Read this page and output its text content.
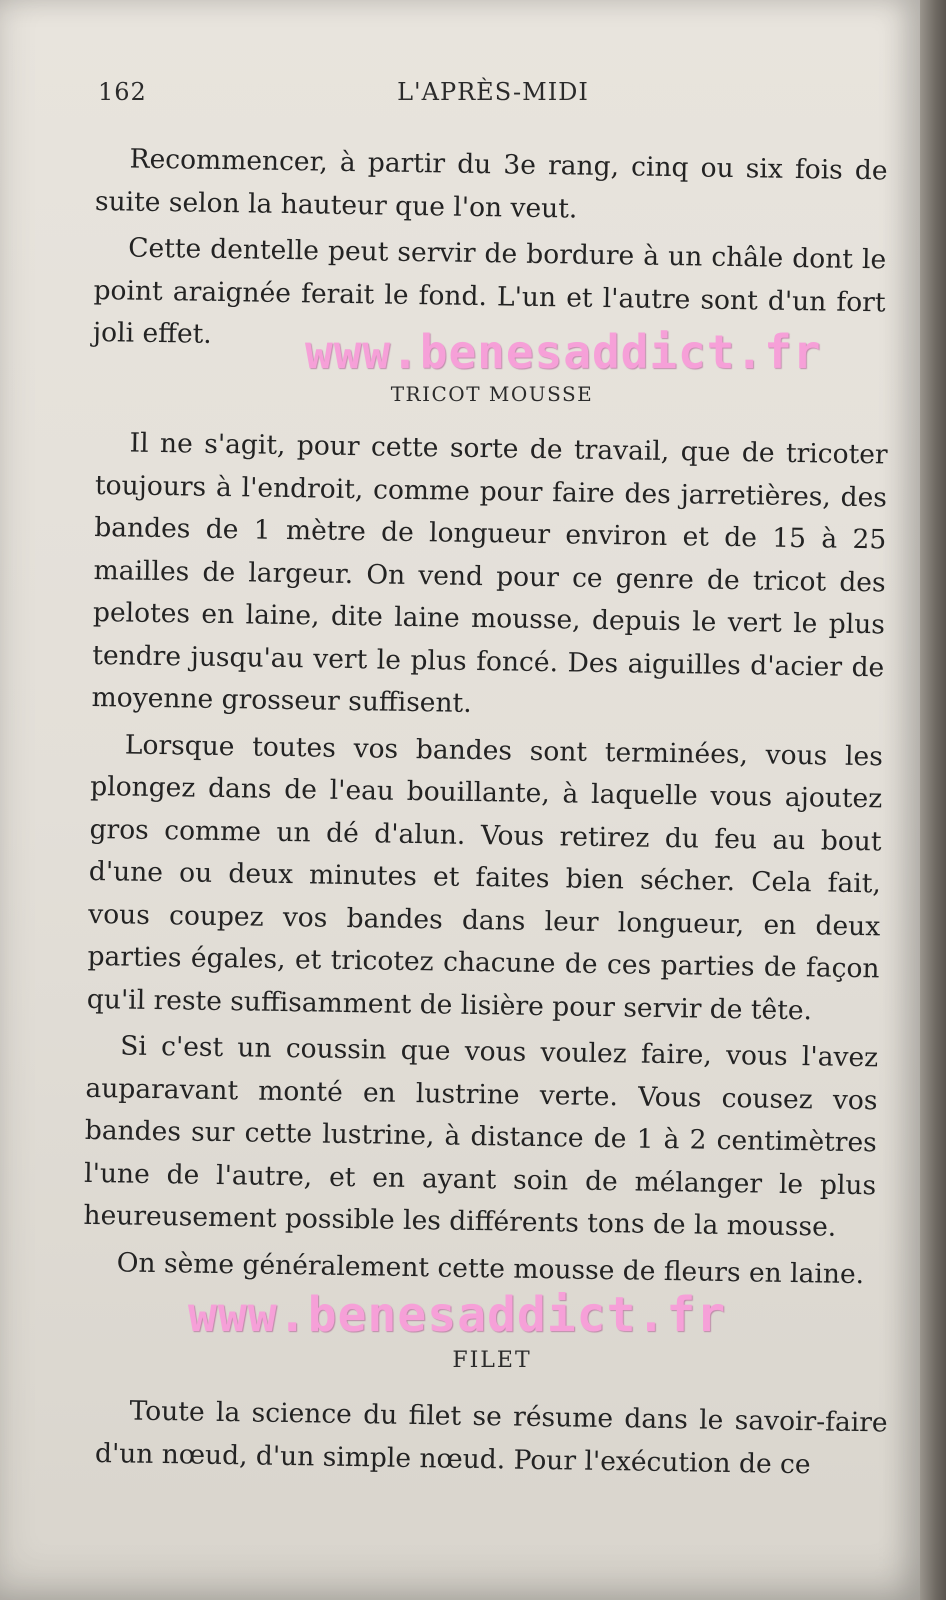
162	L'APRÈS-MIDI

Recommencer, à partir du 3e rang, cinq ou six fois de suite selon la hauteur que l'on veut.

Cette dentelle peut servir de bordure à un châle dont le point araignée ferait le fond. L'un et l'autre sont d'un fort joli effet.

TRICOT MOUSSE

Il ne s'agit, pour cette sorte de travail, que de tricoter toujours à l'endroit, comme pour faire des jarretières, des bandes de 1 mètre de longueur environ et de 15 à 25 mailles de largeur. On vend pour ce genre de tricot des pelotes en laine, dite laine mousse, depuis le vert le plus tendre jusqu'au vert le plus foncé. Des aiguilles d'acier de moyenne grosseur suffisent.

Lorsque toutes vos bandes sont terminées, vous les plongez dans de l'eau bouillante, à laquelle vous ajoutez gros comme un dé d'alun. Vous retirez du feu au bout d'une ou deux minutes et faites bien sécher. Cela fait, vous coupez vos bandes dans leur longueur, en deux parties égales, et tricotez chacune de ces parties de façon qu'il reste suffisamment de lisière pour servir de tête.

Si c'est un coussin que vous voulez faire, vous l'avez auparavant monté en lustrine verte. Vous cousez vos bandes sur cette lustrine, à distance de 1 à 2 centimètres l'une de l'autre, et en ayant soin de mélanger le plus heureusement possible les différents tons de la mousse.

On sème généralement cette mousse de fleurs en laine.

FILET

Toute la science du filet se résume dans le savoir-faire d'un nœud, d'un simple nœud. Pour l'exécution de ce

www.benesaddict.fr
www.benesaddict.fr
